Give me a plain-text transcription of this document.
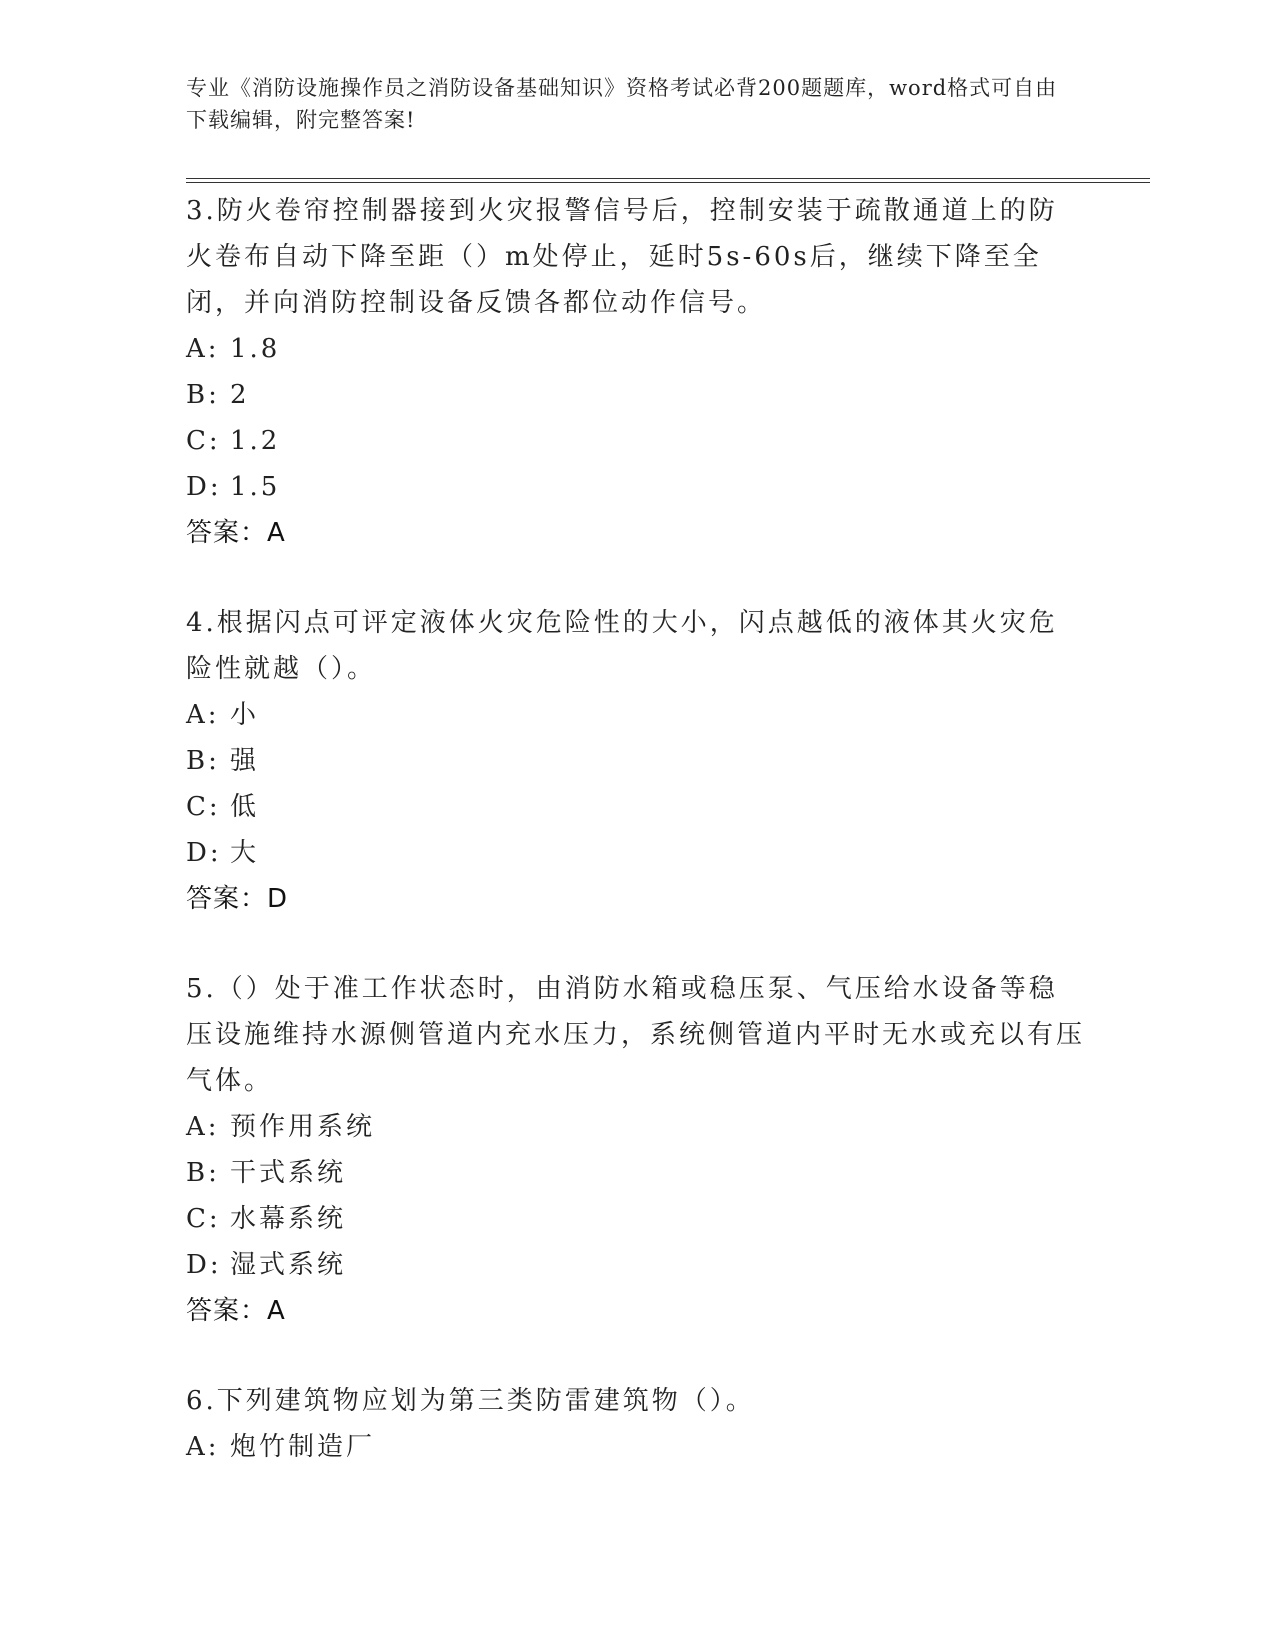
专业《消防设施操作员之消防设备基础知识》资格考试必背200题题库，word格式可自由下载编辑，附完整答案!

3.防火卷帘控制器接到火灾报警信号后，控制安装于疏散通道上的防火卷布自动下降至距（）m处停止，延时5s-60s后，继续下降至全闭，并向消防控制设备反馈各都位动作信号。

A: 1.8
B: 2
C: 1.2
D: 1.5
答案：A

4.根据闪点可评定液体火灾危险性的大小，闪点越低的液体其火灾危险性就越（）。

A: 小
B: 强
C: 低
D: 大
答案：D

5.（）处于准工作状态时，由消防水箱或稳压泵、气压给水设备等稳压设施维持水源侧管道内充水压力，系统侧管道内平时无水或充以有压气体。

A: 预作用系统
B: 干式系统
C: 水幕系统
D: 湿式系统
答案：A

6.下列建筑物应划为第三类防雷建筑物（）。

A: 炮竹制造厂
